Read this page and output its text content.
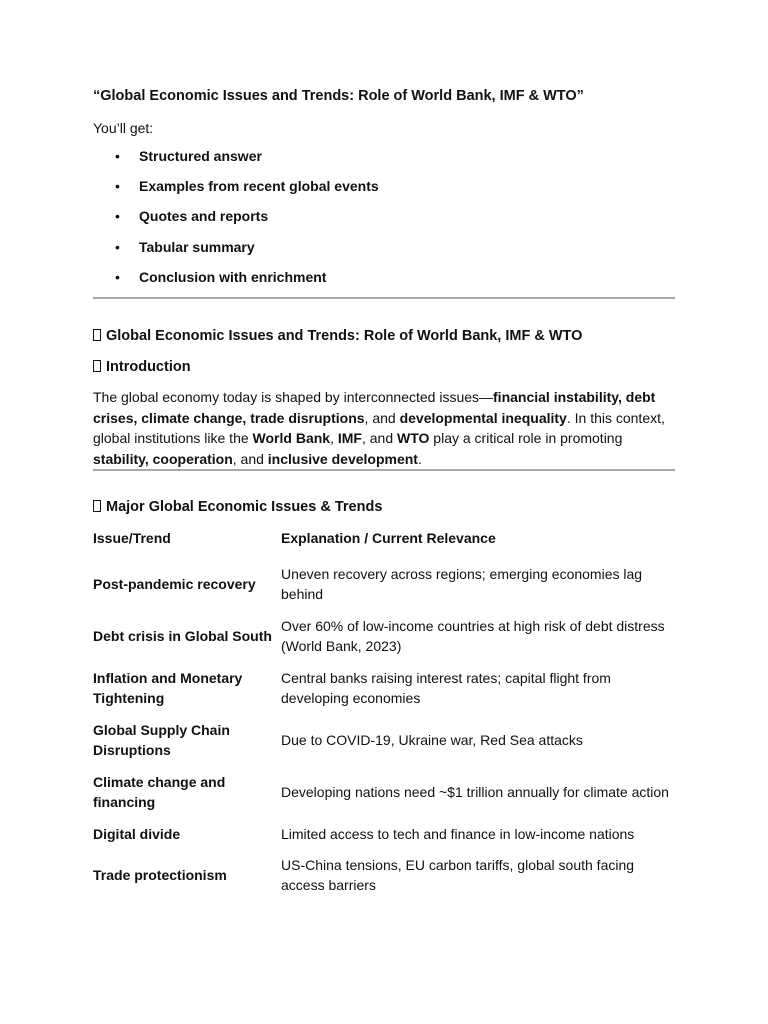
“Global Economic Issues and Trends: Role of World Bank, IMF & WTO”

You’ll get:

• Structured answer
• Examples from recent global events
• Quotes and reports
• Tabular summary
• Conclusion with enrichment

Global Economic Issues and Trends: Role of World Bank, IMF & WTO

Introduction

The global economy today is shaped by interconnected issues—financial instability, debt crises, climate change, trade disruptions, and developmental inequality. In this context, global institutions like the World Bank, IMF, and WTO play a critical role in promoting stability, cooperation, and inclusive development.

Major Global Economic Issues & Trends

Issue/Trend	Explanation / Current Relevance
Post-pandemic recovery	Uneven recovery across regions; emerging economies lag behind
Debt crisis in Global South	Over 60% of low-income countries at high risk of debt distress (World Bank, 2023)
Inflation and Monetary Tightening	Central banks raising interest rates; capital flight from developing economies
Global Supply Chain Disruptions	Due to COVID-19, Ukraine war, Red Sea attacks
Climate change and financing	Developing nations need ~$1 trillion annually for climate action
Digital divide	Limited access to tech and finance in low-income nations
Trade protectionism	US-China tensions, EU carbon tariffs, global south facing access barriers
